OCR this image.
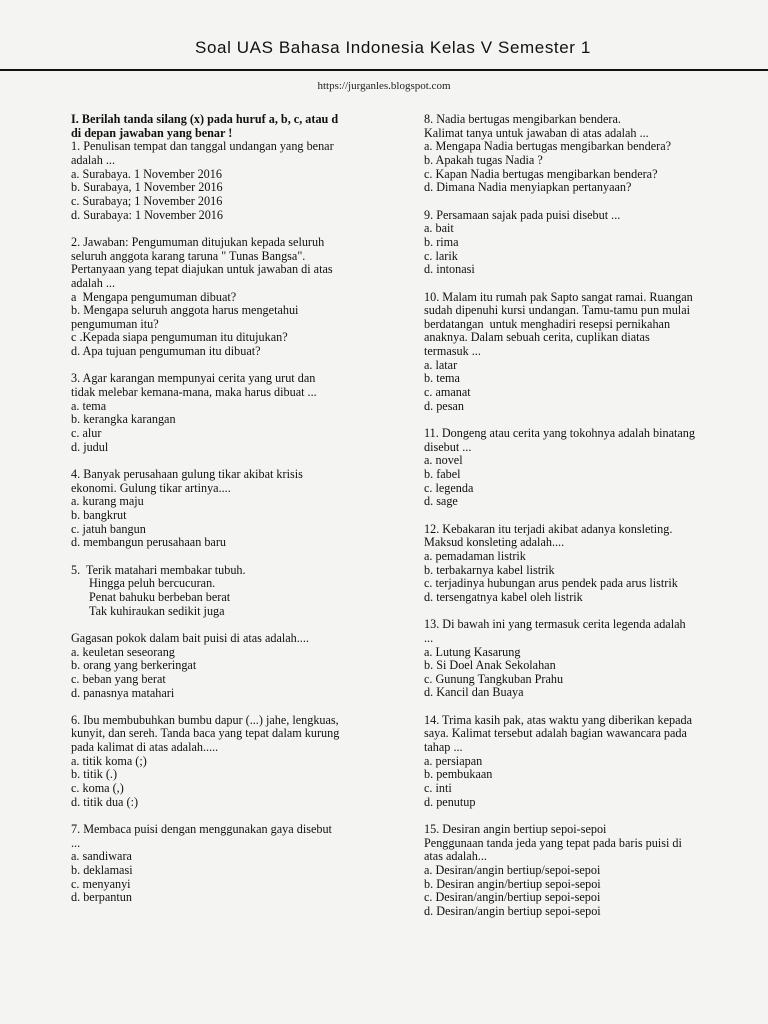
Soal UAS Bahasa Indonesia Kelas V Semester 1
https://jurganles.blogspot.com
I. Berilah tanda silang (x) pada huruf a, b, c, atau d
di depan jawaban yang benar !
1. Penulisan tempat dan tanggal undangan yang benar
adalah ...
a. Surabaya. 1 November 2016
b. Surabaya, 1 November 2016
c. Surabaya; 1 November 2016
d. Surabaya: 1 November 2016
2. Jawaban: Pengumuman ditujukan kepada seluruh
seluruh anggota karang taruna " Tunas Bangsa".
Pertanyaan yang tepat diajukan untuk jawaban di atas
adalah ...
a  Mengapa pengumuman dibuat?
b. Mengapa seluruh anggota harus mengetahui
pengumuman itu?
c .Kepada siapa pengumuman itu ditujukan?
d. Apa tujuan pengumuman itu dibuat?
3. Agar karangan mempunyai cerita yang urut dan
tidak melebar kemana-mana, maka harus dibuat ...
a. tema
b. kerangka karangan
c. alur
d. judul
4. Banyak perusahaan gulung tikar akibat krisis
ekonomi. Gulung tikar artinya....
a. kurang maju
b. bangkrut
c. jatuh bangun
d. membangun perusahaan baru
5.  Terik matahari membakar tubuh.
Hingga peluh bercucuran.
Penat bahuku berbeban berat
Tak kuhiraukan sedikit juga

Gagasan pokok dalam bait puisi di atas adalah....
a. keuletan seseorang
b. orang yang berkeringat
c. beban yang berat
d. panasnya matahari
6. Ibu membubuhkan bumbu dapur (...) jahe, lengkuas,
kunyit, dan sereh. Tanda baca yang tepat dalam kurung
pada kalimat di atas adalah.....
a. titik koma (;)
b. titik (.)
c. koma (,)
d. titik dua (:)
7. Membaca puisi dengan menggunakan gaya disebut
...
a. sandiwara
b. deklamasi
c. menyanyi
d. berpantun
8. Nadia bertugas mengibarkan bendera.
Kalimat tanya untuk jawaban di atas adalah ...
a. Mengapa Nadia bertugas mengibarkan bendera?
b. Apakah tugas Nadia ?
c. Kapan Nadia bertugas mengibarkan bendera?
d. Dimana Nadia menyiapkan pertanyaan?
9. Persamaan sajak pada puisi disebut ...
a. bait
b. rima
c. larik
d. intonasi
10. Malam itu rumah pak Sapto sangat ramai. Ruangan
sudah dipenuhi kursi undangan. Tamu-tamu pun mulai
berdatangan  untuk menghadiri resepsi pernikahan
anaknya. Dalam sebuah cerita, cuplikan diatas
termasuk ...
a. latar
b. tema
c. amanat
d. pesan
11. Dongeng atau cerita yang tokohnya adalah binatang
disebut ...
a. novel
b. fabel
c. legenda
d. sage
12. Kebakaran itu terjadi akibat adanya konsleting.
Maksud konsleting adalah....
a. pemadaman listrik
b. terbakarnya kabel listrik
c. terjadinya hubungan arus pendek pada arus listrik
d. tersengatnya kabel oleh listrik
13. Di bawah ini yang termasuk cerita legenda adalah
...
a. Lutung Kasarung
b. Si Doel Anak Sekolahan
c. Gunung Tangkuban Prahu
d. Kancil dan Buaya
14. Trima kasih pak, atas waktu yang diberikan kepada
saya. Kalimat tersebut adalah bagian wawancara pada
tahap ...
a. persiapan
b. pembukaan
c. inti
d. penutup
15. Desiran angin bertiup sepoi-sepoi
Penggunaan tanda jeda yang tepat pada baris puisi di
atas adalah...
a. Desiran/angin bertiup/sepoi-sepoi
b. Desiran angin/bertiup sepoi-sepoi
c. Desiran/angin/bertiup sepoi-sepoi
d. Desiran/angin bertiup sepoi-sepoi
